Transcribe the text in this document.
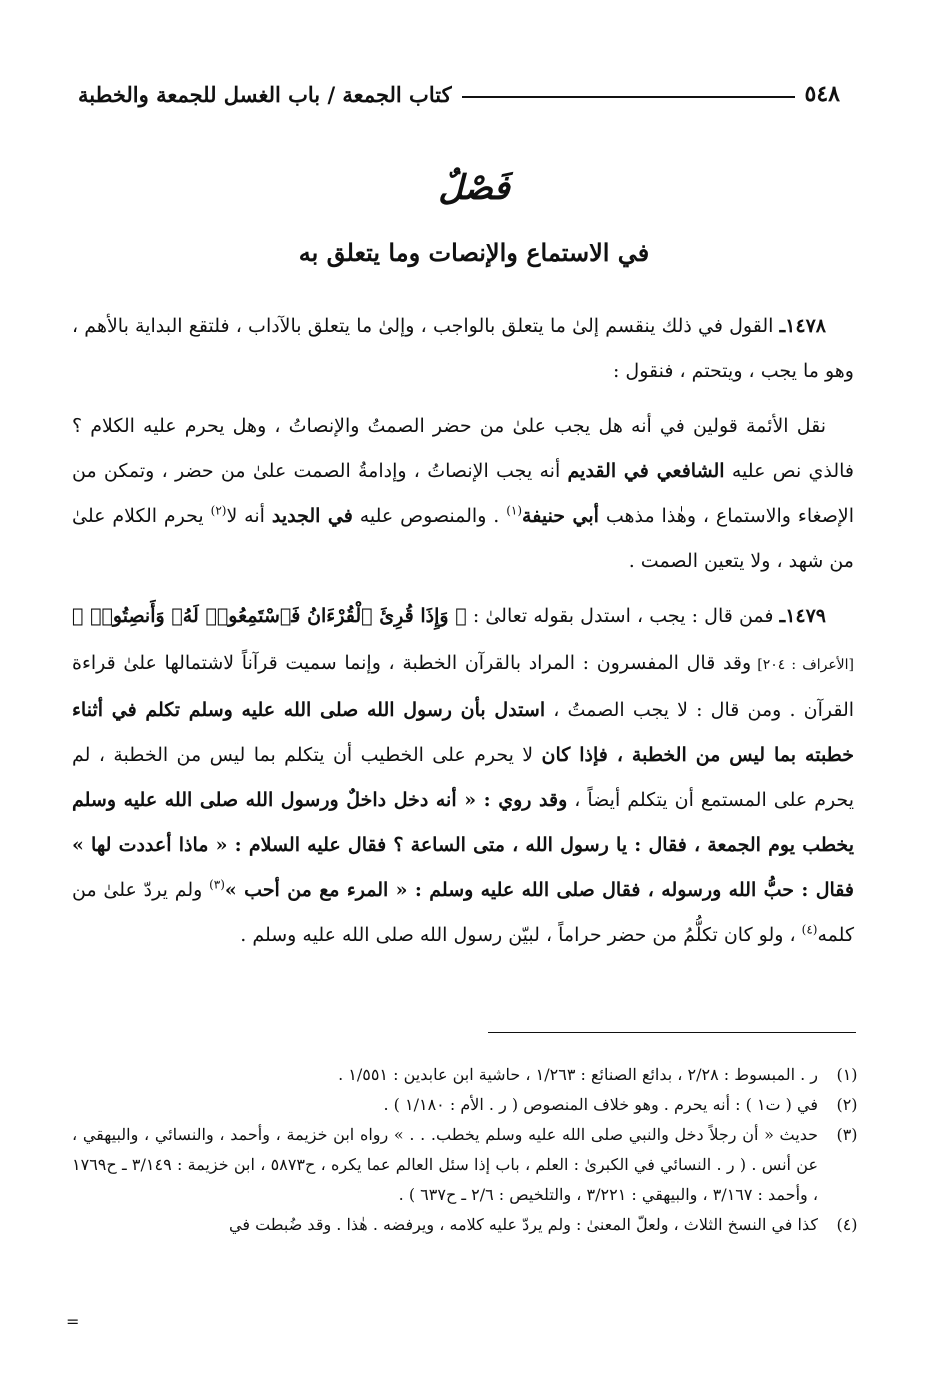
٥٤٨
كتاب الجمعة / باب الغسل للجمعة والخطبة
فَصْلٌ
في الاستماع والإنصات وما يتعلق به

١٤٧٨ـ القول في ذلك ينقسم إلىٰ ما يتعلق بالواجب ، وإلىٰ ما يتعلق بالآداب ، فلتقع البداية بالأهم ، وهو ما يجب ، ويتحتم ، فنقول :

نقل الأئمة قولين في أنه هل يجب علىٰ من حضر الصمتُ والإنصاتُ ، وهل يحرم عليه الكلام ؟ فالذي نص عليه الشافعي في القديم أنه يجب الإنصاتُ ، وإدامةُ الصمت علىٰ من حضر ، وتمكن من الإصغاء والاستماع ، وهٰذا مذهب أبي حنيفة$^{(١)}$ . والمنصوص عليه في الجديد أنه لا$^{(٢)}$ يحرم الكلام علىٰ من شهد ، ولا يتعين الصمت .

١٤٧٩ـ فمن قال : يجب ، استدل بقوله تعالىٰ : ﴿ وَإِذَا قُرِئَ ٱلْقُرْءَانُ فَٱسْتَمِعُوا۟ لَهُۥ وَأَنصِتُوا۟ ﴾ [الأعراف : ٢٠٤] وقد قال المفسرون : المراد بالقرآن الخطبة ، وإنما سميت قرآناً لاشتمالها علىٰ قراءة القرآن . ومن قال : لا يجب الصمتُ ، استدل بأن رسول الله صلى الله عليه وسلم تكلم في أثناء خطبته بما ليس من الخطبة ، فإذا كان لا يحرم على الخطيب أن يتكلم بما ليس من الخطبة ، لم يحرم على المستمع أن يتكلم أيضاً ، وقد روي : « أنه دخل داخلٌ ورسول الله صلى الله عليه وسلم يخطب يوم الجمعة ، فقال : يا رسول الله ، متى الساعة ؟ فقال عليه السلام : « ماذا أعددت لها » فقال : حبُّ الله ورسوله ، فقال صلى الله عليه وسلم : « المرء مع من أحب »$^{(٣)}$ ولم يردّ علىٰ من كلمه$^{(٤)}$ ، ولو كان تكلُّمُ من حضر حراماً ، لبيّن رسول الله صلى الله عليه وسلم .

(١)
ر . المبسوط : ٢/٢٨ ، بدائع الصنائع : ١/٢٦٣ ، حاشية ابن عابدين : ١/٥٥١ .
(٢)
في ( ت١ ) : أنه يحرم . وهو خلاف المنصوص ( ر . الأم : ١/١٨٠ ) .
(٣)
حديث « أن رجلاً دخل والنبي صلى الله عليه وسلم يخطب. . . » رواه ابن خزيمة ، وأحمد ، والنسائي ، والبيهقي ، عن أنس . ( ر . النسائي في الكبرىٰ : العلم ، باب إذا سئل العالم عما يكره ، ح٥٨٧٣ ، ابن خزيمة : ٣/١٤٩ ـ ح١٧٦٩ ، وأحمد : ٣/١٦٧ ، والبيهقي : ٣/٢٢١ ، والتلخيص : ٢/٦ ـ ح٦٣٧ ) .
(٤)
كذا في النسخ الثلاث ، ولعلّ المعنىٰ : ولم يردّ عليه كلامه ، ويرفضه . هٰذا . وقد ضُبطت في
=
